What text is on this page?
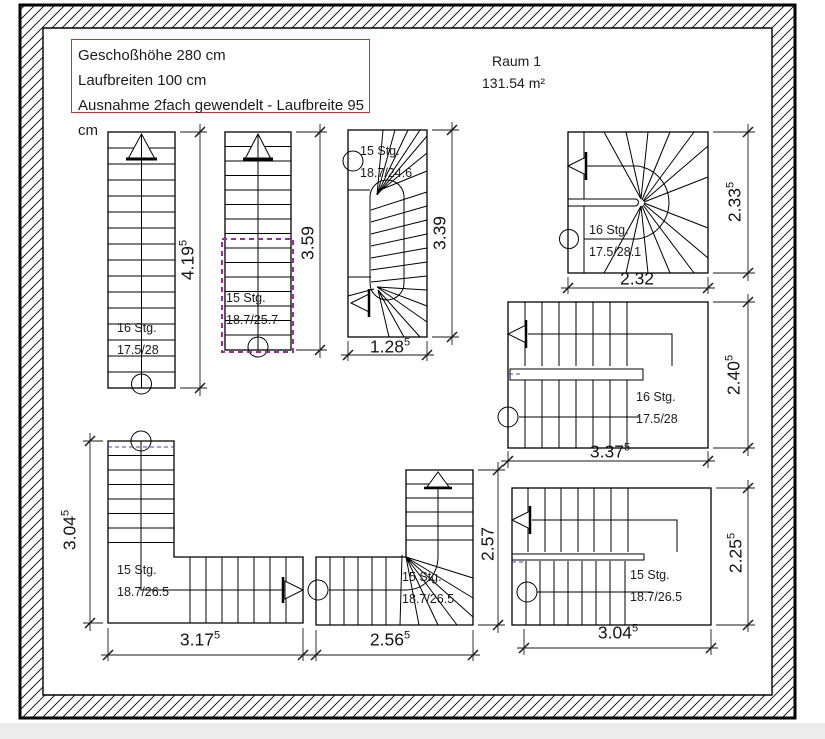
Geschoßhöhe 280 cm
Laufbreiten 100 cm
Ausnahme 2fach gewendelt - Laufbreite 95 cm
Raum 1
131.54 m²
16 Stg.
17.5/28
15 Stg.
18.7/25.7
15 Stg.
18.7/24.6
16 Stg.
17.5/28.1
16 Stg.
17.5/28
15 Stg.
18.7/26.5
15 Stg.
18.7/26.5
15 Stg.
18.7/26.5
4.19$^5$	3.59	3.39
1.28$^5$
2.33$^5$
2.32
2.40$^5$
3.37$^5$
3.04$^5$
3.17$^5$
2.57
2.56$^5$
2.25$^5$
3.04$^5$
